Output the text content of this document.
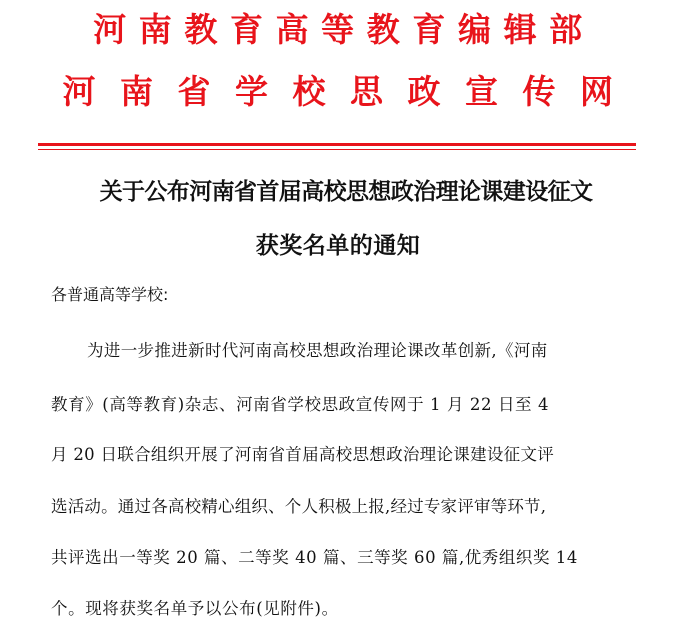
河南教育高等教育编辑部
河南省学校思政宣传网
关于公布河南省首届高校思想政治理论课建设征文
获奖名单的通知
各普通高等学校:
为进一步推进新时代河南高校思想政治理论课改革创新,《河南
教育》(高等教育)杂志、河南省学校思政宣传网于 1 月 22 日至 4
月 20 日联合组织开展了河南省首届高校思想政治理论课建设征文评
选活动。通过各高校精心组织、个人积极上报,经过专家评审等环节,
共评选出一等奖 20 篇、二等奖 40 篇、三等奖 60 篇,优秀组织奖 14
个。现将获奖名单予以公布(见附件)。
